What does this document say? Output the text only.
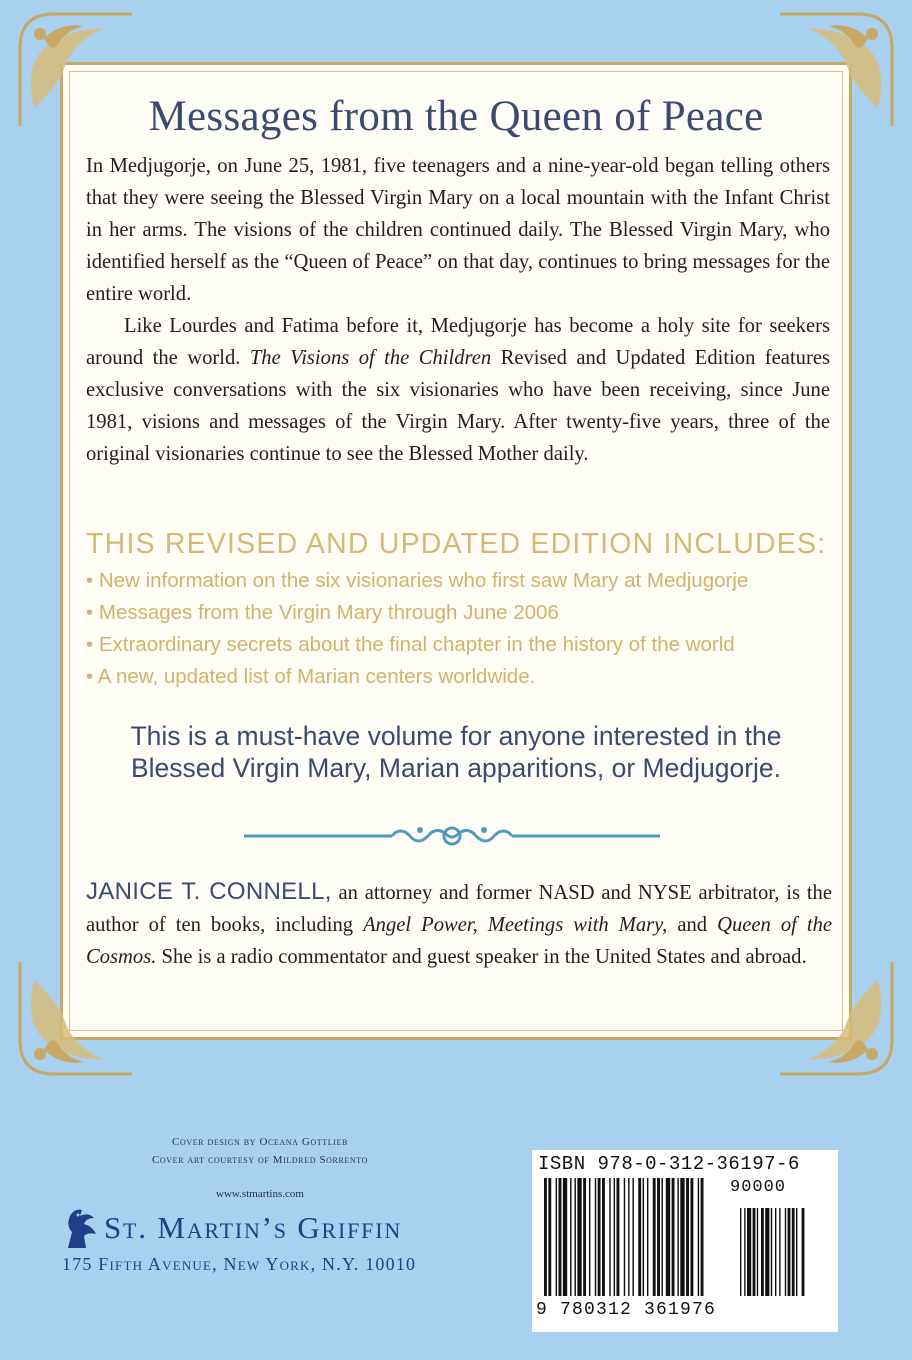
Messages from the Queen of Peace

In Medjugorje, on June 25, 1981, five teenagers and a nine-year-old began telling others that they were seeing the Blessed Virgin Mary on a local mountain with the Infant Christ in her arms. The visions of the children continued daily. The Blessed Virgin Mary, who identified herself as the “Queen of Peace” on that day, continues to bring messages for the entire world.

Like Lourdes and Fatima before it, Medjugorje has become a holy site for seekers around the world. The Visions of the Children Revised and Updated Edition features exclusive conversations with the six visionaries who have been receiving, since June 1981, visions and messages of the Virgin Mary. After twenty-five years, three of the original visionaries continue to see the Blessed Mother daily.

THIS REVISED AND UPDATED EDITION INCLUDES:
• New information on the six visionaries who first saw Mary at Medjugorje
• Messages from the Virgin Mary through June 2006
• Extraordinary secrets about the final chapter in the history of the world
• A new, updated list of Marian centers worldwide.
This is a must-have volume for anyone interested in the
Blessed Virgin Mary, Marian apparitions, or Medjugorje.

JANICE T. CONNELL, an attorney and former NASD and NYSE arbitrator, is the author of ten books, including Angel Power, Meetings with Mary, and Queen of the Cosmos. She is a radio commentator and guest speaker in the United States and abroad.

Cover design by Oceana Gottlieb
Cover art courtesy of Mildred Sorrento
www.stmartins.com
St. Martin’s Griffin
175 Fifth Avenue, New York, N.Y. 10010
ISBN 978-0-312-36197-6
90000
9 780312 361976
